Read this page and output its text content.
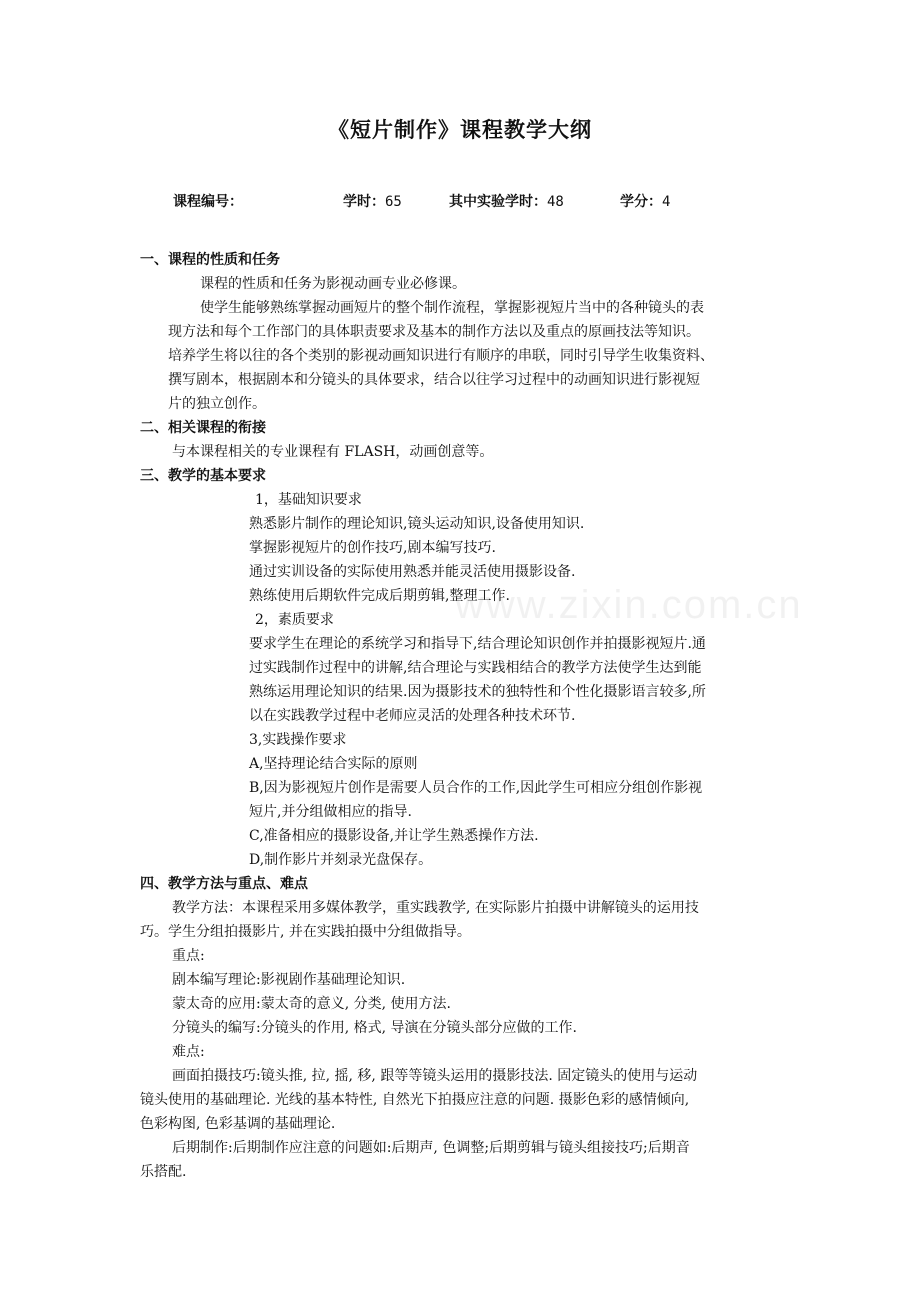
《短片制作》课程教学大纲
课程编号：	学时：65	其中实验学时：48	学分：4
www.zixin.com.cn
一、课程的性质和任务
课程的性质和任务为影视动画专业必修课。
使学生能够熟练掌握动画短片的整个制作流程，掌握影视短片当中的各种镜头的表
现方法和每个工作部门的具体职责要求及基本的制作方法以及重点的原画技法等知识。
培养学生将以往的各个类别的影视动画知识进行有顺序的串联，同时引导学生收集资料、
撰写剧本，根据剧本和分镜头的具体要求，结合以往学习过程中的动画知识进行影视短
片的独立创作。
二、相关课程的衔接
与本课程相关的专业课程有 FLASH，动画创意等。
三、教学的基本要求
1，基础知识要求
熟悉影片制作的理论知识,镜头运动知识,设备使用知识.
掌握影视短片的创作技巧,剧本编写技巧.
通过实训设备的实际使用熟悉并能灵活使用摄影设备.
熟练使用后期软件完成后期剪辑,整理工作.
2，素质要求
要求学生在理论的系统学习和指导下,结合理论知识创作并拍摄影视短片.通
过实践制作过程中的讲解,结合理论与实践相结合的教学方法使学生达到能
熟练运用理论知识的结果.因为摄影技术的独特性和个性化摄影语言较多,所
以在实践教学过程中老师应灵活的处理各种技术环节.
3,实践操作要求
A,坚持理论结合实际的原则
B,因为影视短片创作是需要人员合作的工作,因此学生可相应分组创作影视
短片,并分组做相应的指导.
C,准备相应的摄影设备,并让学生熟悉操作方法.
D,制作影片并刻录光盘保存。
四、教学方法与重点、难点
教学方法：本课程采用多媒体教学，重实践教学, 在实际影片拍摄中讲解镜头的运用技
巧。学生分组拍摄影片, 并在实践拍摄中分组做指导。
重点:
剧本编写理论:影视剧作基础理论知识.
蒙太奇的应用:蒙太奇的意义, 分类, 使用方法.
分镜头的编写:分镜头的作用, 格式, 导演在分镜头部分应做的工作.
难点:
画面拍摄技巧:镜头推, 拉, 摇, 移, 跟等等镜头运用的摄影技法. 固定镜头的使用与运动
镜头使用的基础理论. 光线的基本特性, 自然光下拍摄应注意的问题. 摄影色彩的感情倾向,
色彩构图, 色彩基调的基础理论.
后期制作:后期制作应注意的问题如:后期声, 色调整;后期剪辑与镜头组接技巧;后期音
乐搭配.
